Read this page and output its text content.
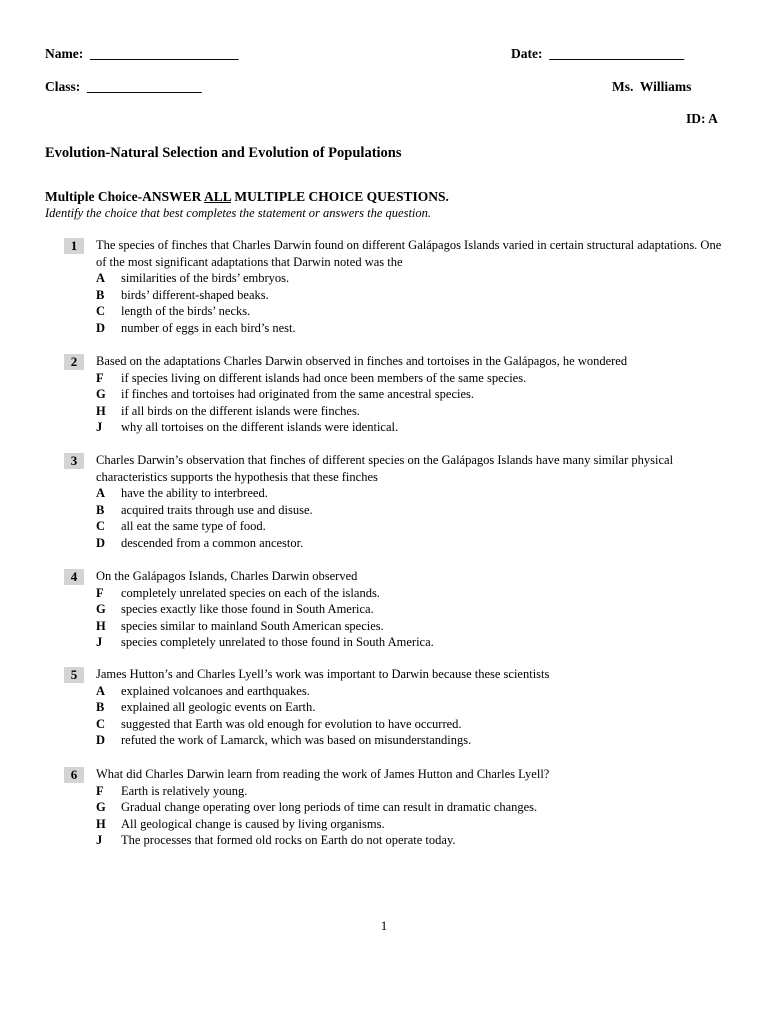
Name: ______________________	Date: ____________________
Class: _________________	Ms.  Williams
ID: A
Evolution-Natural Selection and Evolution of Populations
Multiple Choice-ANSWER ALL MULTIPLE CHOICE QUESTIONS.
Identify the choice that best completes the statement or answers the question.
1	The species of finches that Charles Darwin found on different Galápagos Islands varied in certain structural adaptations. One of the most significant adaptations that Darwin noted was the
A	similarities of the birds’ embryos.
B	birds’ different-shaped beaks.
C	length of the birds’ necks.
D	number of eggs in each bird’s nest.
2	Based on the adaptations Charles Darwin observed in finches and tortoises in the Galápagos, he wondered
F	if species living on different islands had once been members of the same species.
G	if finches and tortoises had originated from the same ancestral species.
H	if all birds on the different islands were finches.
J	why all tortoises on the different islands were identical.
3	Charles Darwin’s observation that finches of different species on the Galápagos Islands have many similar physical characteristics supports the hypothesis that these finches
A	have the ability to interbreed.
B	acquired traits through use and disuse.
C	all eat the same type of food.
D	descended from a common ancestor.
4	On the Galápagos Islands, Charles Darwin observed
F	completely unrelated species on each of the islands.
G	species exactly like those found in South America.
H	species similar to mainland South American species.
J	species completely unrelated to those found in South America.
5	James Hutton’s and Charles Lyell’s work was important to Darwin because these scientists
A	explained volcanoes and earthquakes.
B	explained all geologic events on Earth.
C	suggested that Earth was old enough for evolution to have occurred.
D	refuted the work of Lamarck, which was based on misunderstandings.
6	What did Charles Darwin learn from reading the work of James Hutton and Charles Lyell?
F	Earth is relatively young.
G	Gradual change operating over long periods of time can result in dramatic changes.
H	All geological change is caused by living organisms.
J	The processes that formed old rocks on Earth do not operate today.
1
